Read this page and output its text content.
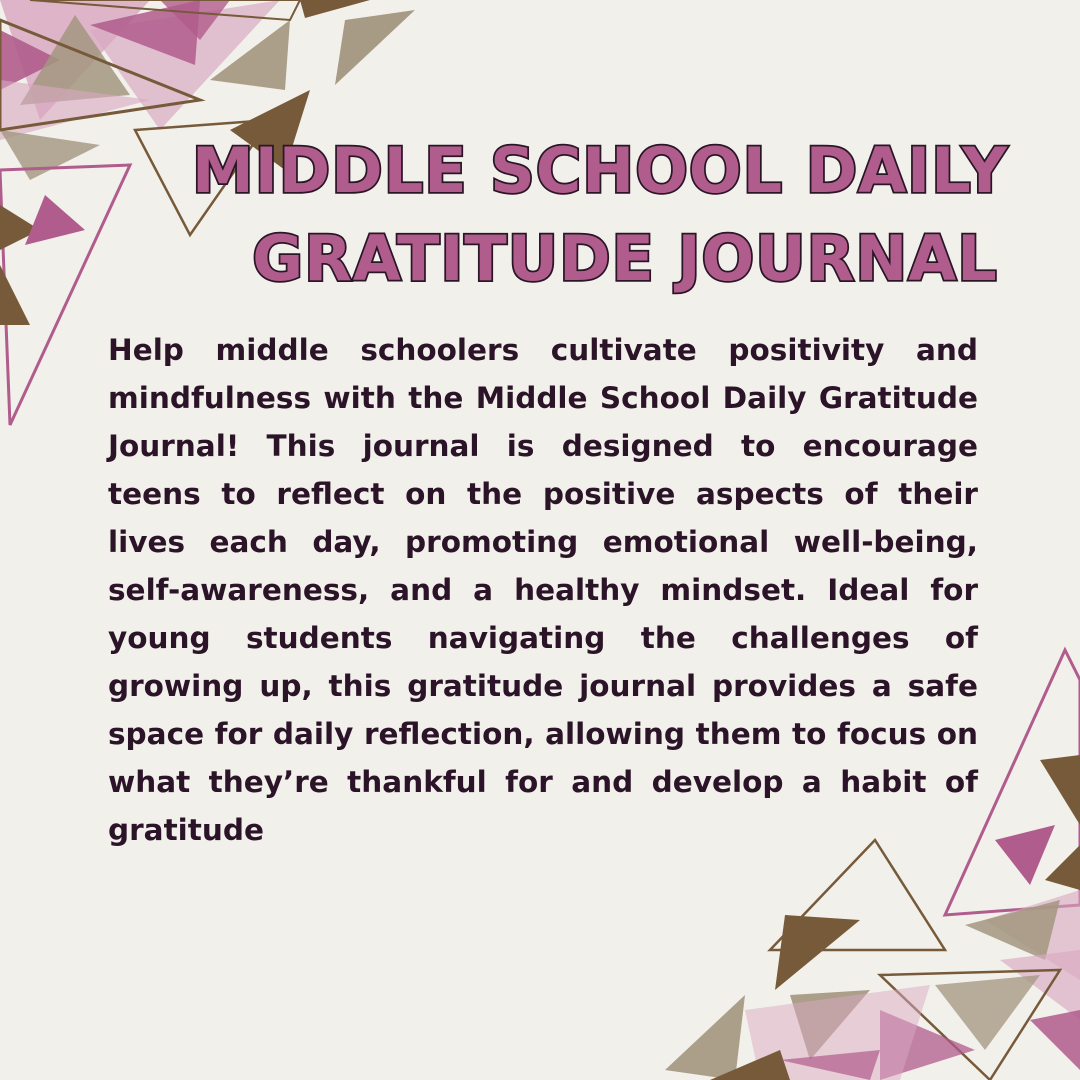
MIDDLE SCHOOL DAILY
GRATITUDE JOURNAL

Help middle schoolers cultivate positivity and mindfulness with the Middle School Daily Gratitude Journal! This journal is designed to encourage teens to reflect on the positive aspects of their lives each day, promoting emotional well-being, self-awareness, and a healthy mindset. Ideal for young students navigating the challenges of growing up, this gratitude journal provides a safe space for daily reflection, allowing them to focus on what they’re thankful for and develop a habit of gratitude
